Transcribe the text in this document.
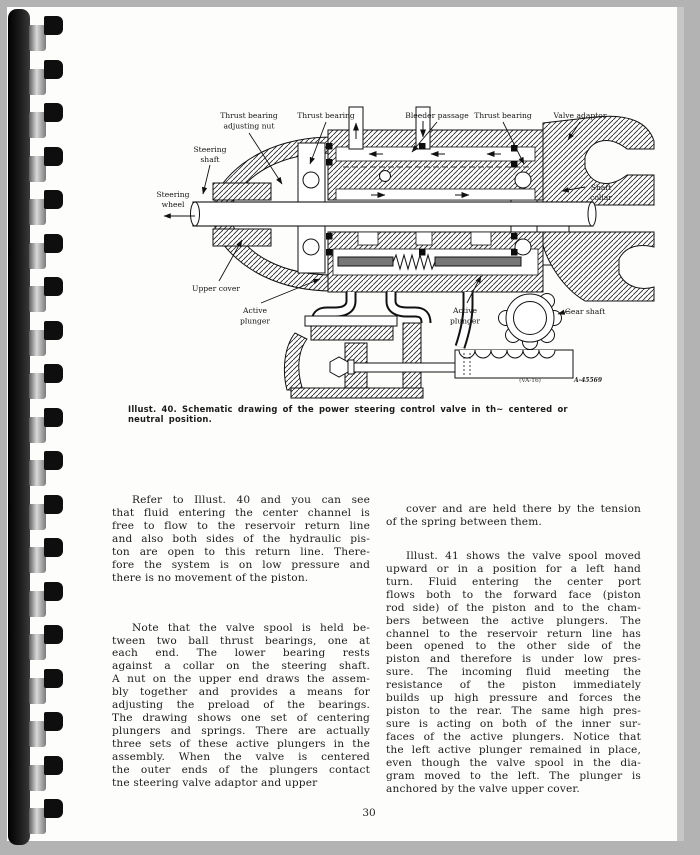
Thrust bearing
adjusting nut
Thrust bearing	Bleeder passage Thrust bearing	Valve adaptor
Steering
shaft
Steering
wheel
Shaft
collar
Upper cover
Active
plunger
Active
plunger
Gear shaft
(VA-16)	A-45569
Illust. 40. Schematic drawing of the power steering control valve in th~ centered or neutral position.
Refer to Illust. 40 and you can see
that fluid entering the center channel is
free to flow to the reservoir return line
and also both sides of the hydraulic pis-
ton are open to this return line. There-
fore the system is on low pressure and
there is no movement of the piston.
Note that the valve spool is held be-
tween two ball thrust bearings, one at
each end. The lower bearing rests
against a collar on the steering shaft.
A nut on the upper end draws the assem-
bly together and provides a means for
adjusting the preload of the bearings.
The drawing shows one set of centering
plungers and springs. There are actually
three sets of these active plungers in the
assembly. When the valve is centered
the outer ends of the plungers contact
tne steering valve adaptor and upper
cover and are held there by the tension
of the spring between them.
Illust. 41 shows the valve spool moved
upward or in a position for a left hand
turn. Fluid entering the center port
flows both to the forward face (piston
rod side) of the piston and to the cham-
bers between the active plungers. The
channel to the reservoir return line has
been opened to the other side of the
piston and therefore is under low pres-
sure. The incoming fluid meeting the
resistance of the piston immediately
builds up high pressure and forces the
piston to the rear. The same high pres-
sure is acting on both of the inner sur-
faces of the active plungers. Notice that
the left active plunger remained in place,
even though the valve spool in the dia-
gram moved to the left. The plunger is
anchored by the valve upper cover.
30
